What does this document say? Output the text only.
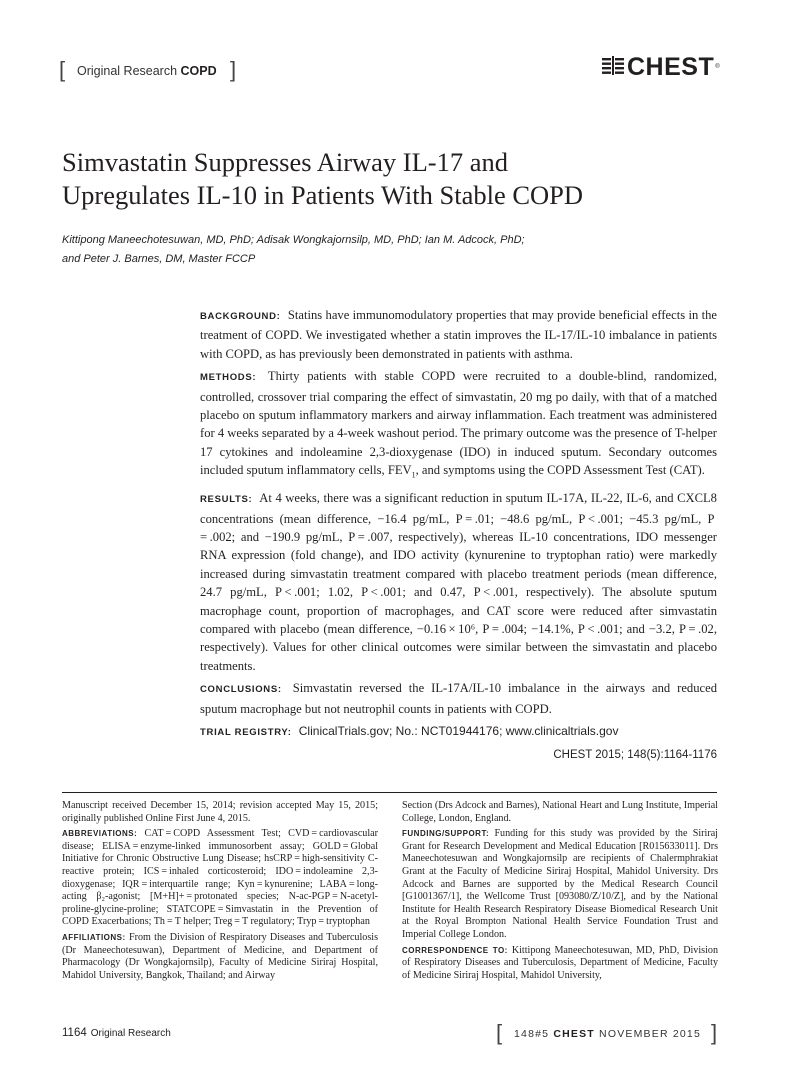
[ Original Research COPD ]	CHEST ®
Simvastatin Suppresses Airway IL-17 and
Upregulates IL-10 in Patients With Stable COPD
Kittipong Maneechotesuwan, MD, PhD; Adisak Wongkajornsilp, MD, PhD; Ian M. Adcock, PhD;
and Peter J. Barnes, DM, Master FCCP

BACKGROUND: Statins have immunomodulatory properties that may provide beneficial effects in the treatment of COPD. We investigated whether a statin improves the IL-17/IL-10 imbalance in patients with COPD, as has previously been demonstrated in patients with asthma.

METHODS: Thirty patients with stable COPD were recruited to a double-blind, randomized, controlled, crossover trial comparing the effect of simvastatin, 20 mg po daily, with that of a matched placebo on sputum inflammatory markers and airway inflammation. Each treatment was administered for 4 weeks separated by a 4-week washout period. The primary outcome was the presence of T-helper 17 cytokines and indoleamine 2,3-dioxygenase (IDO) in induced sputum. Secondary outcomes included sputum inflammatory cells, $FEV_1$, and symptoms using the COPD Assessment Test (CAT).

RESULTS: At 4 weeks, there was a significant reduction in sputum IL-17A, IL-22, IL-6, and CXCL8 concentrations (mean difference, −16.4 pg/mL, P = .01; −48.6 pg/mL, P < .001; −45.3 pg/mL, P = .002; and −190.9 pg/mL, P = .007, respectively), whereas IL-10 concentrations, IDO messenger RNA expression (fold change), and IDO activity (kynurenine to tryptophan ratio) were markedly increased during simvastatin treatment compared with placebo treatment periods (mean difference, 24.7 pg/mL, P < .001; 1.02, P < .001; and 0.47, P < .001, respectively). The absolute sputum macrophage count, proportion of macrophages, and CAT score were reduced after simvastatin compared with placebo (mean difference, −0.16 × 10⁶, P = .004; −14.1%, P < .001; and −3.2, P = .02, respectively). Values for other clinical outcomes were similar between the simvastatin and placebo treatments.

CONCLUSIONS: Simvastatin reversed the IL-17A/IL-10 imbalance in the airways and reduced sputum macrophage but not neutrophil counts in patients with COPD.

TRIAL REGISTRY: ClinicalTrials.gov; No.: NCT01944176; www.clinicaltrials.gov

CHEST 2015; 148(5):1164-1176

Manuscript received December 15, 2014; revision accepted May 15, 2015; originally published Online First June 4, 2015.

ABBREVIATIONS: CAT = COPD Assessment Test; CVD = cardiovascular disease; ELISA = enzyme-linked immunosorbent assay; GOLD = Global Initiative for Chronic Obstructive Lung Disease; hsCRP = high-sensitivity C-reactive protein; ICS = inhaled corticosteroid; IDO = indoleamine 2,3-dioxygenase; IQR = interquartile range; Kyn = kynurenine; LABA = long-acting β₂-agonist; [M+H]+ = protonated species; N-ac-PGP = N-acetyl-proline-glycine-proline; STATCOPE = Simvastatin in the Prevention of COPD Exacerbations; Th = T helper; Treg = T regulatory; Tryp = tryptophan

AFFILIATIONS: From the Division of Respiratory Diseases and Tuberculosis (Dr Maneechotesuwan), Department of Medicine, and Department of Pharmacology (Dr Wongkajornsilp), Faculty of Medicine Siriraj Hospital, Mahidol University, Bangkok, Thailand; and Airway

Section (Drs Adcock and Barnes), National Heart and Lung Institute, Imperial College, London, England.

FUNDING/SUPPORT: Funding for this study was provided by the Siriraj Grant for Research Development and Medical Education [R015633011]. Drs Maneechotesuwan and Wongkajornsilp are recipients of Chalermphrakiat Grant at the Faculty of Medicine Siriraj Hospital, Mahidol University. Drs Adcock and Barnes are supported by the Medical Research Council [G1001367/1], the Wellcome Trust [093080/Z/10/Z], and by the National Institute for Health Research Respiratory Disease Biomedical Research Unit at the Royal Brompton National Health Service Foundation Trust and Imperial College London.

CORRESPONDENCE TO: Kittipong Maneechotesuwan, MD, PhD, Division of Respiratory Diseases and Tuberculosis, Department of Medicine, Faculty of Medicine Siriraj Hospital, Mahidol University,

1164 Original Research	[ 148#5 CHEST NOVEMBER 2015 ]
